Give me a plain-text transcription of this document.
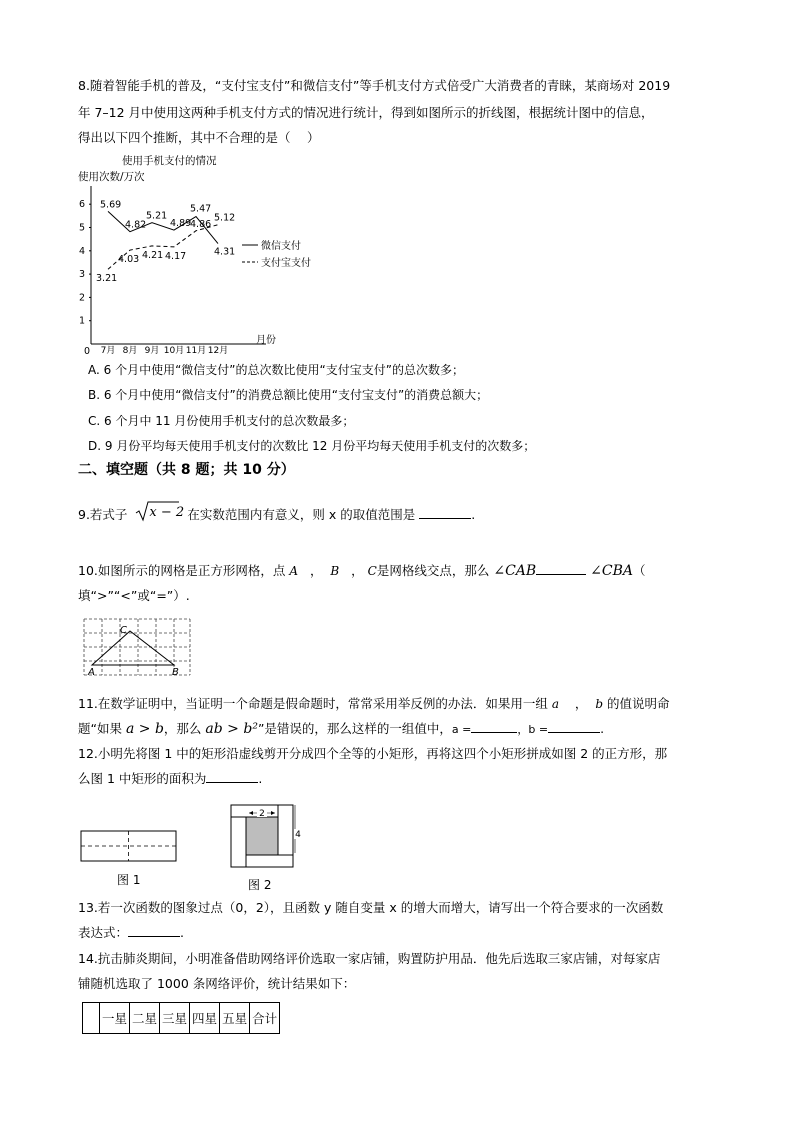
8.随着智能手机的普及，“支付宝支付”和微信支付”等手机支付方式倍受广大消费者的青睐，某商场对 2019
年 7–12 月中使用这两种手机支付方式的情况进行统计，得到如图所示的折线图，根据统计图中的信息，
得出以下四个推断，其中不合理的是（　 ）
使用手机支付的情况
使用次数/万次
0
月份
1
2
3
4
5
6
7月 8月 9月 10月 11月 12月
5.69
4.82
5.21
4.89
5.47
4.31
3.21
4.03 4.21 4.17
4.86
5.12
微信支付
支付宝支付
A. 6 个月中使用“微信支付”的总次数比使用“支付宝支付”的总次数多；
B. 6 个月中使用“微信支付”的消费总额比使用“支付宝支付”的消费总额大；
C. 6 个月中 11 月份使用手机支付的总次数最多；
D. 9 月份平均每天使用手机支付的次数比 12 月份平均每天使用手机支付的次数多；
二、填空题（共 8 题；共 10 分）
9.若式子 x − 2 在实数范围内有意义，则 x 的取值范围是	.
10.如图所示的网格是正方形网格，点 A   ，  B   ， C是网格线交点，那么 ∠CAB	∠CBA（
填“>”“<”或“=”）.
C
A	B
11.在数学证明中，当证明一个命题是假命题时，常常采用举反例的办法．如果用一组 a    ，  b 的值说明命
题“如果 a > b，那么 ab > b²”是错误的，那么这样的一组值中，a =	，b =	.
12.小明先将图 1 中的矩形沿虚线剪开分成四个全等的小矩形，再将这四个小矩形拼成如图 2 的正方形，那
么图 1 中矩形的面积为	.
图 1
2
4
图 2
13.若一次函数的图象过点（0，2），且函数 y 随自变量 x 的增大而增大，请写出一个符合要求的一次函数
表达式：	.
14.抗击肺炎期间，小明准备借助网络评价选取一家店铺，购置防护用品．他先后选取三家店铺，对每家店
铺随机选取了 1000 条网络评价，统计结果如下：
	一星	二星	三星	四星	五星	合计
